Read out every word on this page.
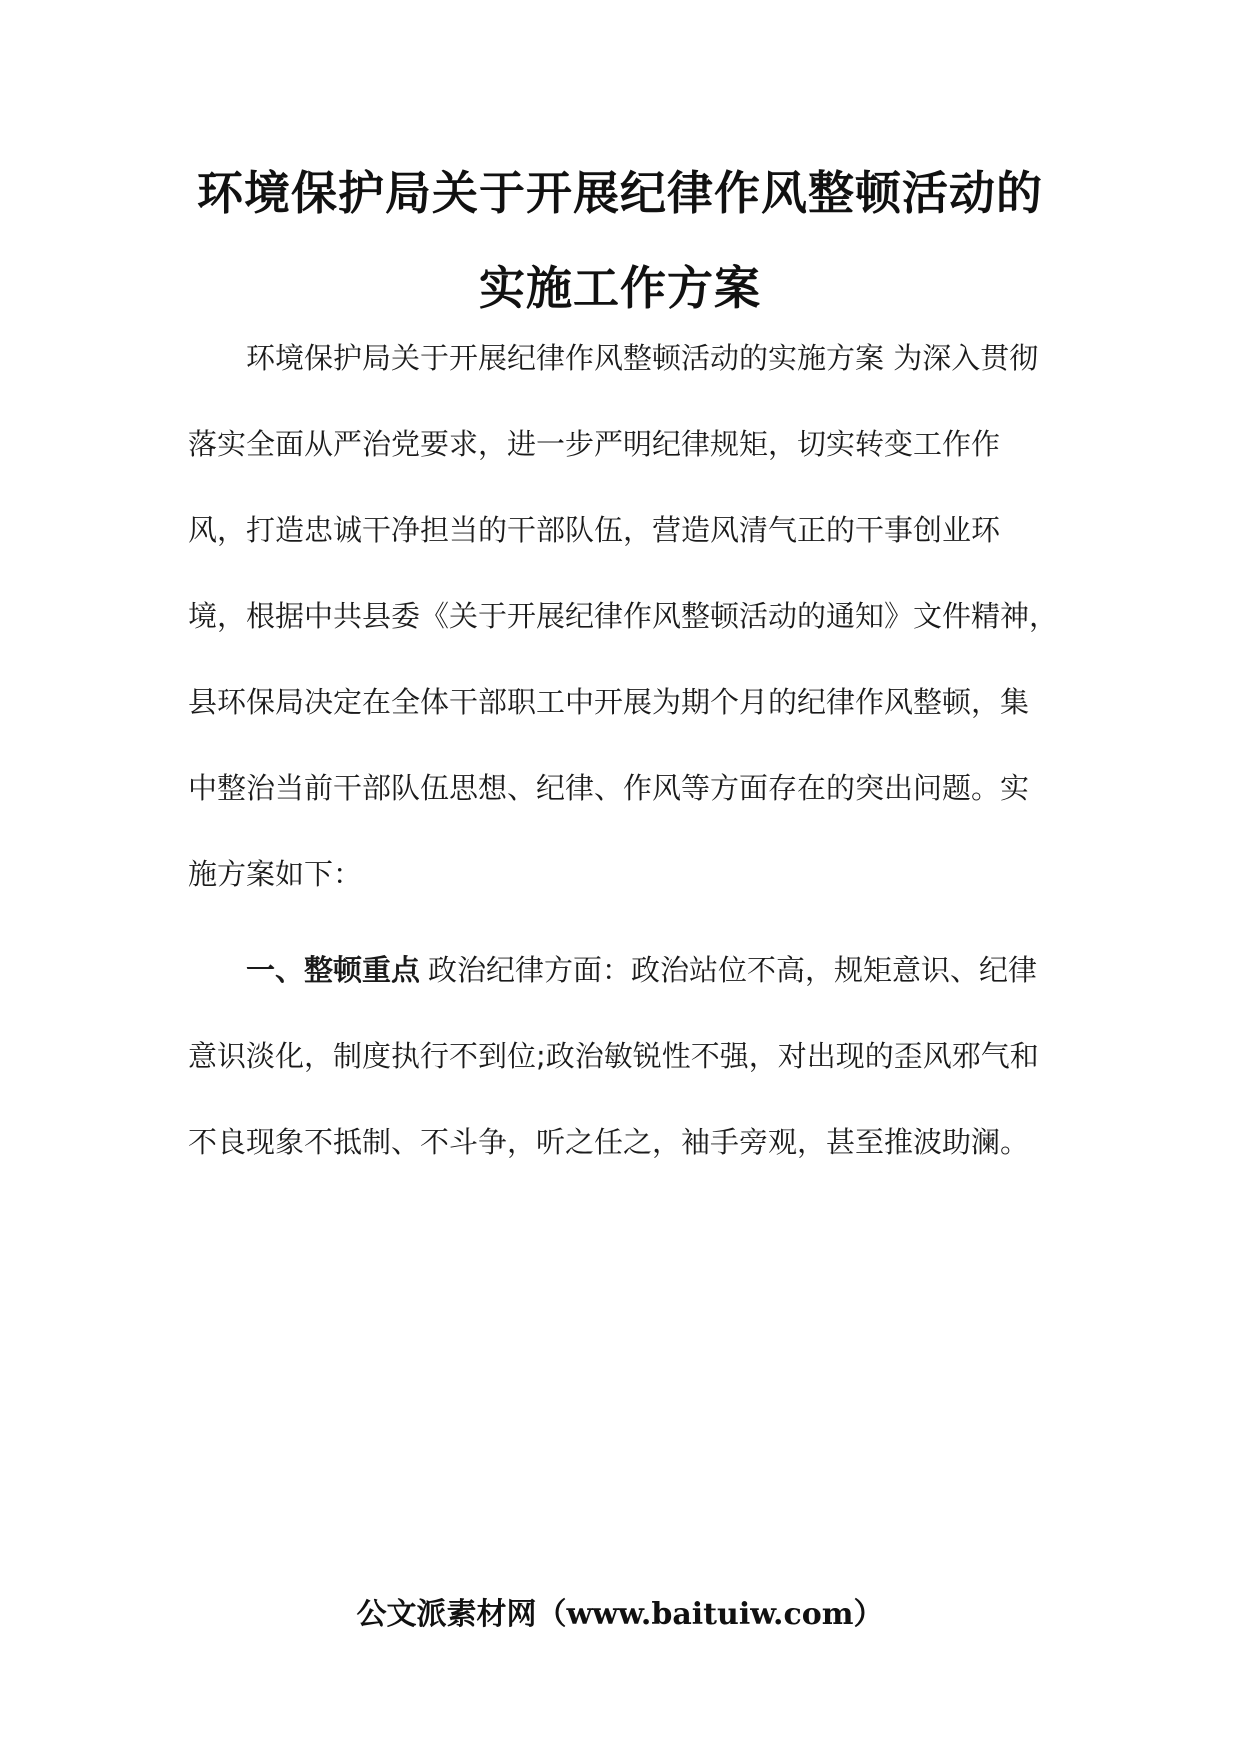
环境保护局关于开展纪律作风整顿活动的
实施工作方案
环境保护局关于开展纪律作风整顿活动的实施方案 为深入贯彻
落实全面从严治党要求，进一步严明纪律规矩，切实转变工作作
风，打造忠诚干净担当的干部队伍，营造风清气正的干事创业环
境，根据中共县委《关于开展纪律作风整顿活动的通知》文件精神，
县环保局决定在全体干部职工中开展为期个月的纪律作风整顿，集
中整治当前干部队伍思想、纪律、作风等方面存在的突出问题。实
施方案如下：
一、整顿重点 政治纪律方面：政治站位不高，规矩意识、纪律
意识淡化，制度执行不到位;政治敏锐性不强，对出现的歪风邪气和
不良现象不抵制、不斗争，听之任之，袖手旁观，甚至推波助澜。
公文派素材网（www.baituiw.com）
